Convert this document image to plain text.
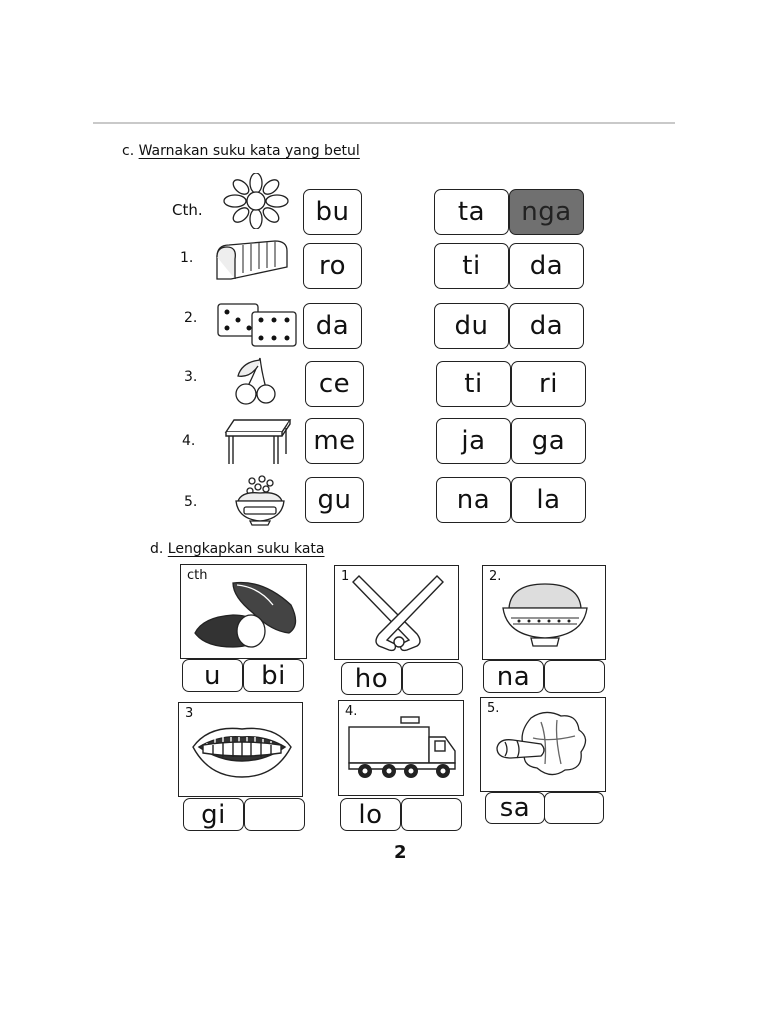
c. Warnakan suku kata yang betul
Cth.	bu	ta	nga
1.	ro	ti	da
2.	da	du	da
3.	ce	ti	ri
4.	me	ja	ga
5.	gu	na	la
d. Lengkapkan suku kata
cth
u	bi
1
ho
2.
na
3
gi
4.
lo
5.
sa
2
